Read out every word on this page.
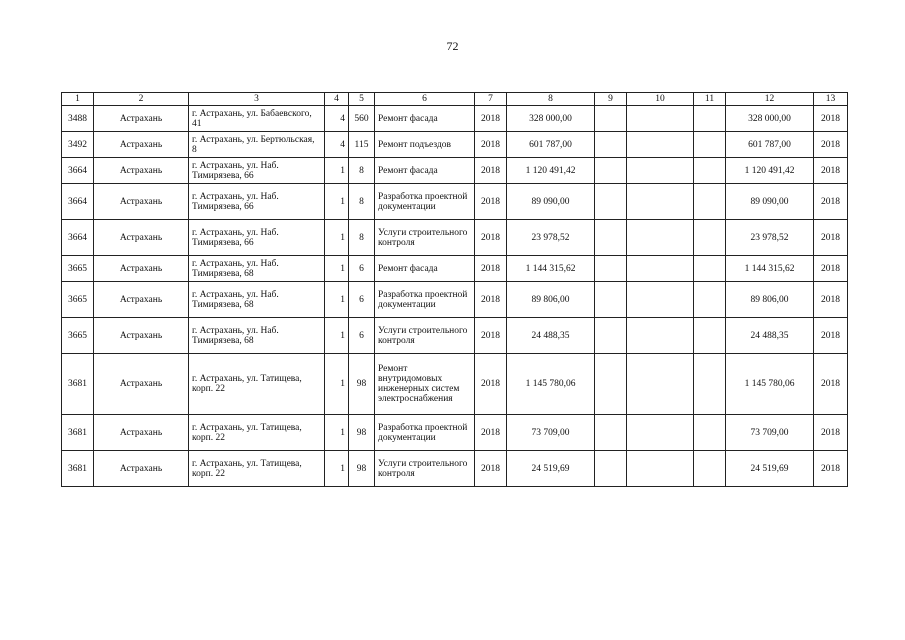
72
1	2	3	4	5	6	7	8	9	10	11	12	13
3488	Астрахань	г. Астрахань, ул. Бабаевского, 41	4	560	Ремонт фасада	2018	328 000,00				328 000,00	2018
3492	Астрахань	г. Астрахань, ул. Бертюльская, 8	4	115	Ремонт подъездов	2018	601 787,00				601 787,00	2018
3664	Астрахань	г. Астрахань, ул. Наб. Тимирязева, 66	1	8	Ремонт фасада	2018	1 120 491,42				1 120 491,42	2018
3664	Астрахань	г. Астрахань, ул. Наб. Тимирязева, 66	1	8	Разработка проектной документации	2018	89 090,00				89 090,00	2018
3664	Астрахань	г. Астрахань, ул. Наб. Тимирязева, 66	1	8	Услуги строительного контроля	2018	23 978,52				23 978,52	2018
3665	Астрахань	г. Астрахань, ул. Наб. Тимирязева, 68	1	6	Ремонт фасада	2018	1 144 315,62				1 144 315,62	2018
3665	Астрахань	г. Астрахань, ул. Наб. Тимирязева, 68	1	6	Разработка проектной документации	2018	89 806,00				89 806,00	2018
3665	Астрахань	г. Астрахань, ул. Наб. Тимирязева, 68	1	6	Услуги строительного контроля	2018	24 488,35				24 488,35	2018
3681	Астрахань	г. Астрахань, ул. Татищева, корп. 22	1	98	Ремонт внутридомовых инженерных систем электроснабжения	2018	1 145 780,06				1 145 780,06	2018
3681	Астрахань	г. Астрахань, ул. Татищева, корп. 22	1	98	Разработка проектной документации	2018	73 709,00				73 709,00	2018
3681	Астрахань	г. Астрахань, ул. Татищева, корп. 22	1	98	Услуги строительного контроля	2018	24 519,69				24 519,69	2018
